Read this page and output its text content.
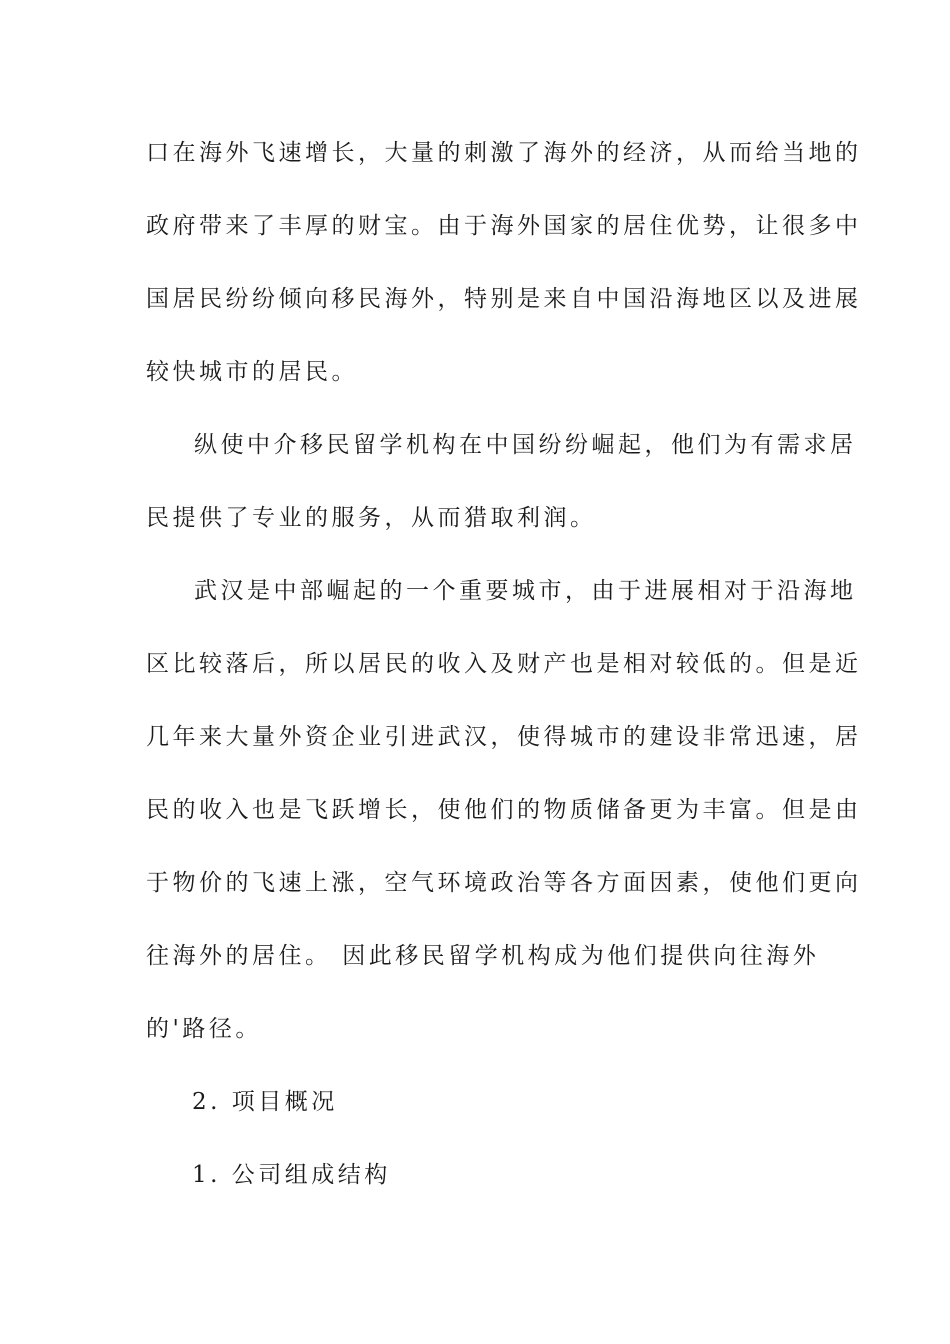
口在海外飞速增长，大量的刺激了海外的经济，从而给当地的
政府带来了丰厚的财宝。由于海外国家的居住优势，让很多中
国居民纷纷倾向移民海外，特别是来自中国沿海地区以及进展
较快城市的居民。

纵使中介移民留学机构在中国纷纷崛起，他们为有需求居
民提供了专业的服务，从而猎取利润。

武汉是中部崛起的一个重要城市，由于进展相对于沿海地
区比较落后，所以居民的收入及财产也是相对较低的。但是近
几年来大量外资企业引进武汉，使得城市的建设非常迅速，居
民的收入也是飞跃增长，使他们的物质储备更为丰富。但是由
于物价的飞速上涨，空气环境政治等各方面因素，使他们更向
往海外的居住。 因此移民留学机构成为他们提供向往海外
的'路径。

2. 项目概况

1. 公司组成结构
